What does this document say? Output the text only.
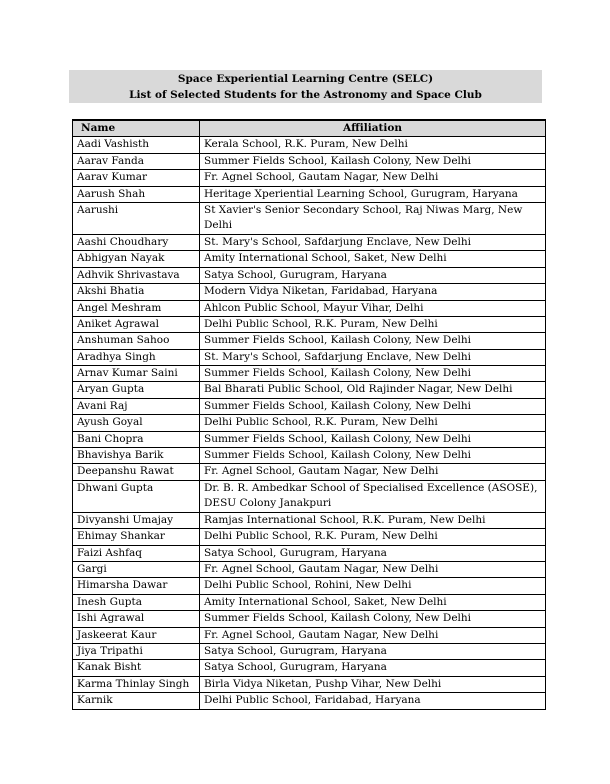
Space Experiential Learning Centre (SELC)
List of Selected Students for the Astronomy and Space Club
Name	Affiliation
Aadi Vashisth	Kerala School, R.K. Puram, New Delhi
Aarav Fanda	Summer Fields School, Kailash Colony, New Delhi
Aarav Kumar	Fr. Agnel School, Gautam Nagar, New Delhi
Aarush Shah	Heritage Xperiential Learning School, Gurugram, Haryana
Aarushi	St Xavier's Senior Secondary School, Raj Niwas Marg, New Delhi
Aashi Choudhary	St. Mary's School, Safdarjung Enclave, New Delhi
Abhigyan Nayak	Amity International School, Saket, New Delhi
Adhvik Shrivastava	Satya School, Gurugram, Haryana
Akshi Bhatia	Modern Vidya Niketan, Faridabad, Haryana
Angel Meshram	Ahlcon Public School, Mayur Vihar, Delhi
Aniket Agrawal	Delhi Public School, R.K. Puram, New Delhi
Anshuman Sahoo	Summer Fields School, Kailash Colony, New Delhi
Aradhya Singh	St. Mary's School, Safdarjung Enclave, New Delhi
Arnav Kumar Saini	Summer Fields School, Kailash Colony, New Delhi
Aryan Gupta	Bal Bharati Public School, Old Rajinder Nagar, New Delhi
Avani Raj	Summer Fields School, Kailash Colony, New Delhi
Ayush Goyal	Delhi Public School, R.K. Puram, New Delhi
Bani Chopra	Summer Fields School, Kailash Colony, New Delhi
Bhavishya Barik	Summer Fields School, Kailash Colony, New Delhi
Deepanshu Rawat	Fr. Agnel School, Gautam Nagar, New Delhi
Dhwani Gupta	Dr. B. R. Ambedkar School of Specialised Excellence (ASOSE), DESU Colony Janakpuri
Divyanshi Umajay	Ramjas International School, R.K. Puram, New Delhi
Ehimay Shankar	Delhi Public School, R.K. Puram, New Delhi
Faizi Ashfaq	Satya School, Gurugram, Haryana
Gargi	Fr. Agnel School, Gautam Nagar, New Delhi
Himarsha Dawar	Delhi Public School, Rohini, New Delhi
Inesh Gupta	Amity International School, Saket, New Delhi
Ishi Agrawal	Summer Fields School, Kailash Colony, New Delhi
Jaskeerat Kaur	Fr. Agnel School, Gautam Nagar, New Delhi
Jiya Tripathi	Satya School, Gurugram, Haryana
Kanak Bisht	Satya School, Gurugram, Haryana
Karma Thinlay Singh	Birla Vidya Niketan, Pushp Vihar, New Delhi
Karnik	Delhi Public School, Faridabad, Haryana
